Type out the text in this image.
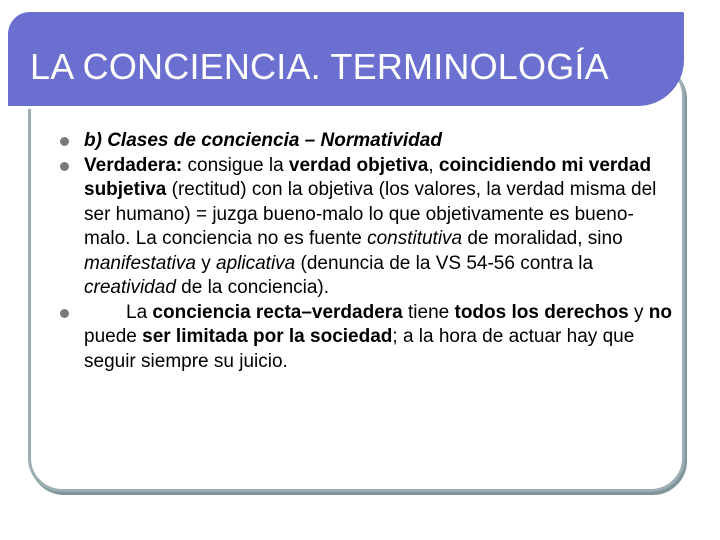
LA CONCIENCIA. TERMINOLOGÍA
b) Clases de conciencia – Normatividad
Verdadera: consigue la verdad objetiva, coincidiendo mi verdad subjetiva (rectitud) con la objetiva (los valores, la verdad misma del ser humano) = juzga bueno-malo lo que objetivamente es bueno-malo. La conciencia no es fuente constitutiva de moralidad, sino manifestativa y aplicativa (denuncia de la VS 54-56 contra la creatividad de la conciencia).
La conciencia recta–verdadera tiene todos los derechos y no puede ser limitada por la sociedad; a la hora de actuar hay que seguir siempre su juicio.
